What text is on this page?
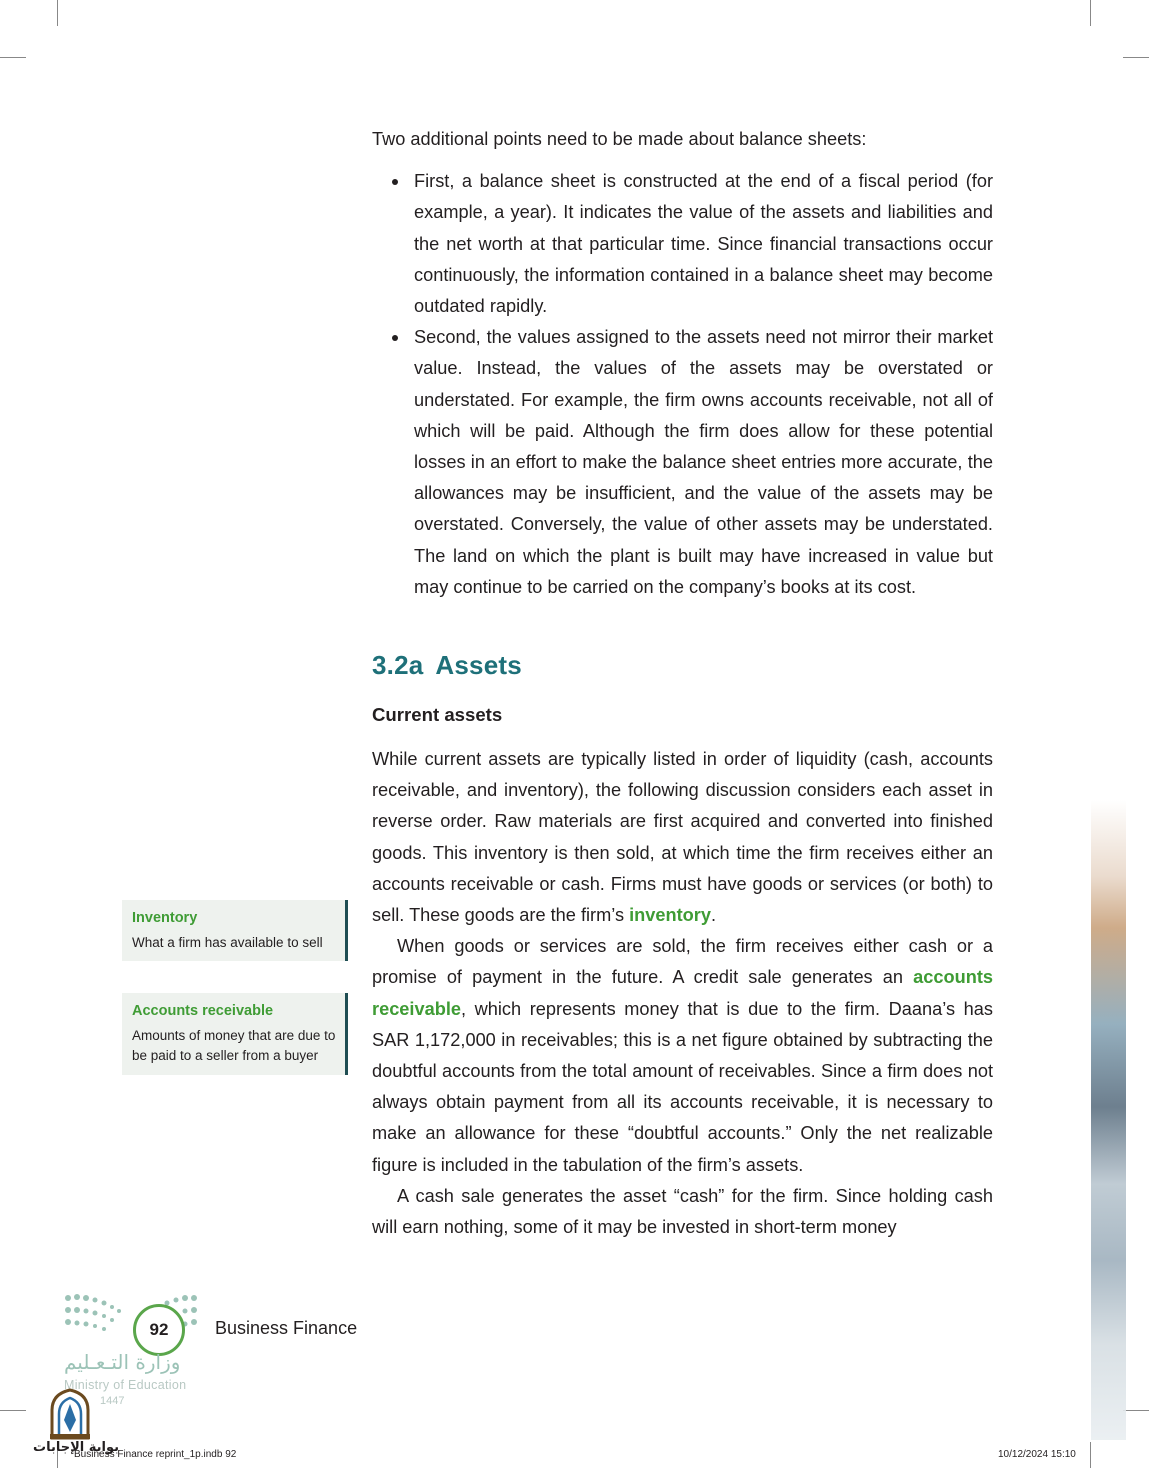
Two additional points need to be made about balance sheets:

First, a balance sheet is constructed at the end of a fiscal period (for example, a year). It indicates the value of the assets and liabilities and the net worth at that particular time. Since financial transactions occur continuously, the information contained in a balance sheet may become outdated rapidly.
Second, the values assigned to the assets need not mirror their market value. Instead, the values of the assets may be overstated or understated. For example, the firm owns accounts receivable, not all of which will be paid. Although the firm does allow for these potential losses in an effort to make the balance sheet entries more accurate, the allowances may be insufficient, and the value of the assets may be overstated. Conversely, the value of other assets may be understated. The land on which the plant is built may have increased in value but may continue to be carried on the company’s books at its cost.
3.2a Assets
Current assets

While current assets are typically listed in order of liquidity (cash, accounts receivable, and inventory), the following discussion considers each asset in reverse order. Raw materials are first acquired and converted into finished goods. This inventory is then sold, at which time the firm receives either an accounts receivable or cash. Firms must have goods or services (or both) to sell. These goods are the firm’s inventory.

When goods or services are sold, the firm receives either cash or a promise of payment in the future. A credit sale generates an accounts receivable, which represents money that is due to the firm. Daana’s has SAR 1,172,000 in receivables; this is a net figure obtained by subtracting the doubtful accounts from the total amount of receivables. Since a firm does not always obtain payment from all its accounts receivable, it is necessary to make an allowance for these “doubtful accounts.” Only the net realizable figure is included in the tabulation of the firm’s assets.

A cash sale generates the asset “cash” for the firm. Since holding cash will earn nothing, some of it may be invested in short-term money

Inventory
What a firm has available to sell
Accounts receivable
Amounts of money that are due to be paid to a seller from a buyer
92	Business Finance
وزارة التـعـليم
Ministry of Education
1447
بوابة الإجابات
Business Finance reprint_1p.indb 92	10/12/2024 15:10
